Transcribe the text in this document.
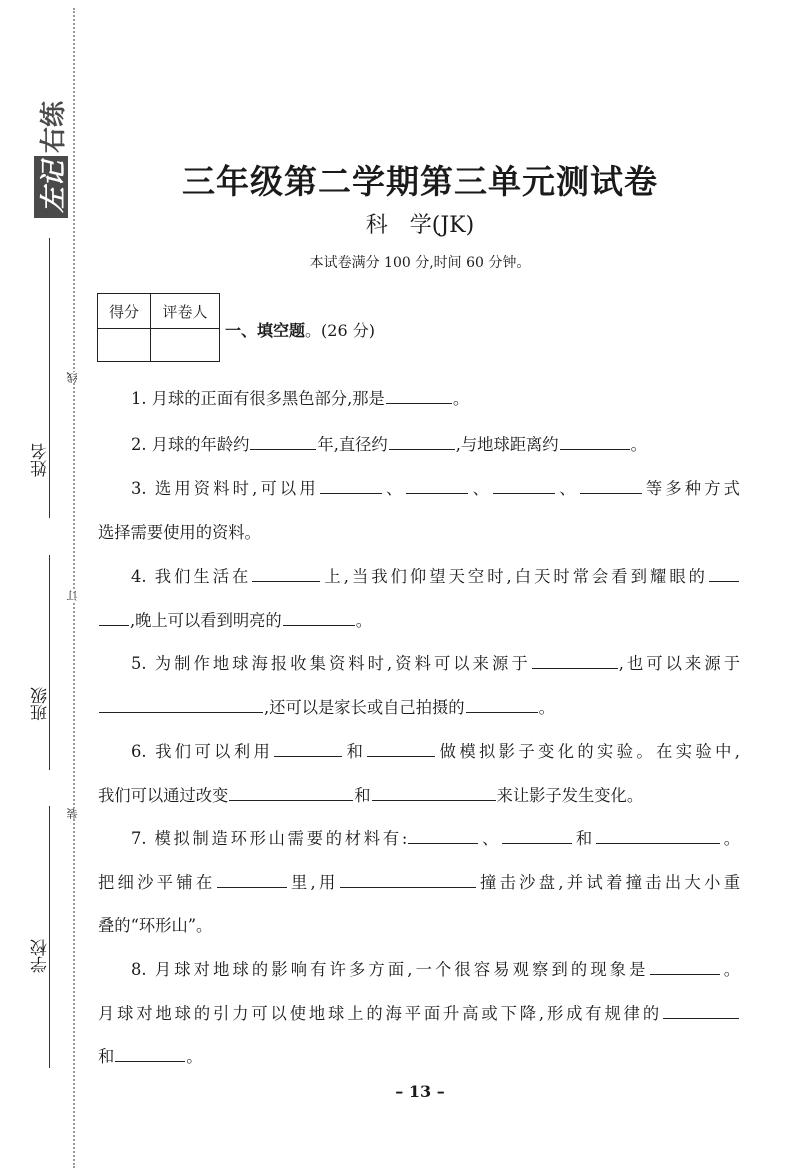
左记
右练
姓名
班级
学校
线
订
装
三年级第二学期第三单元测试卷

科　学(JK)

本试卷满分 100 分,时间 60 分钟。

得分	评卷人

一、填空题。(26 分)

1. 月球的正面有很多黑色部分,那是	。

2. 月球的年龄约	年,直径约	,与地球距离约	。

3. 选用资料时,可以用	、	、	、	等多种方式

选择需要使用的资料。

4. 我们生活在	上,当我们仰望天空时,白天时常会看到耀眼的

,晚上可以看到明亮的	。

5. 为制作地球海报收集资料时,资料可以来源于	,也可以来源于

,还可以是家长或自己拍摄的	。

6. 我们可以利用	和	做模拟影子变化的实验。在实验中,

我们可以通过改变	和	来让影子发生变化。

7. 模拟制造环形山需要的材料有:	、	和	。

把细沙平铺在	里,用	撞击沙盘,并试着撞击出大小重

叠的“环形山”。

8. 月球对地球的影响有许多方面,一个很容易观察到的现象是	。

月球对地球的引力可以使地球上的海平面升高或下降,形成有规律的

和	。

– 13 –
